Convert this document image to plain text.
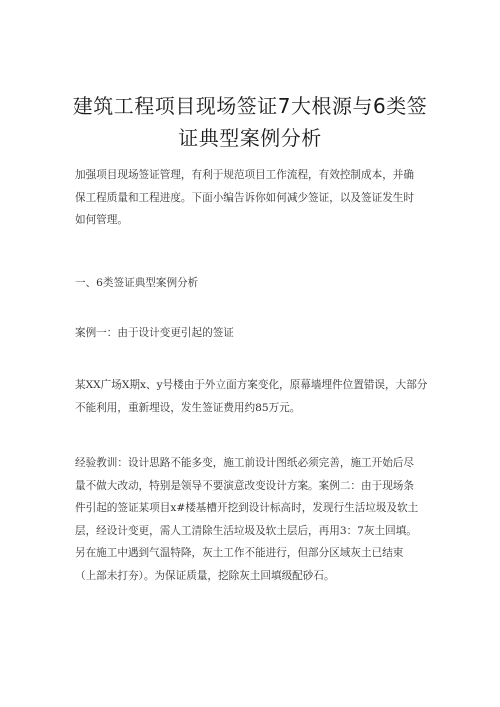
建筑工程项目现场签证7大根源与6类签
证典型案例分析
加强项目现场签证管理，有利于规范项目工作流程，有效控制成本，并确
保工程质量和工程进度。下面小编告诉你如何减少签证，以及签证发生时
如何管理。
一、6类签证典型案例分析
案例一：由于设计变更引起的签证
某XX广场X期x、y号楼由于外立面方案变化，原幕墙埋件位置错误，大部分
不能利用，重新埋设，发生签证费用约85万元。
经验教训：设计思路不能多变，施工前设计图纸必须完善，施工开始后尽
量不做大改动，特别是领导不要演意改变设计方案。案例二：由于现场条
件引起的签证某项目x#楼基槽开挖到设计标高时，发现行生活垃圾及软土
层，经设计变更，需人工清除生活垃圾及软土层后，再用3：7灰土回填。
另在施工中遇到气温特降，灰土工作不能进行，但部分区域灰土已结束
（上部未打夯）。为保证质量，挖除灰土回填级配砂石。
